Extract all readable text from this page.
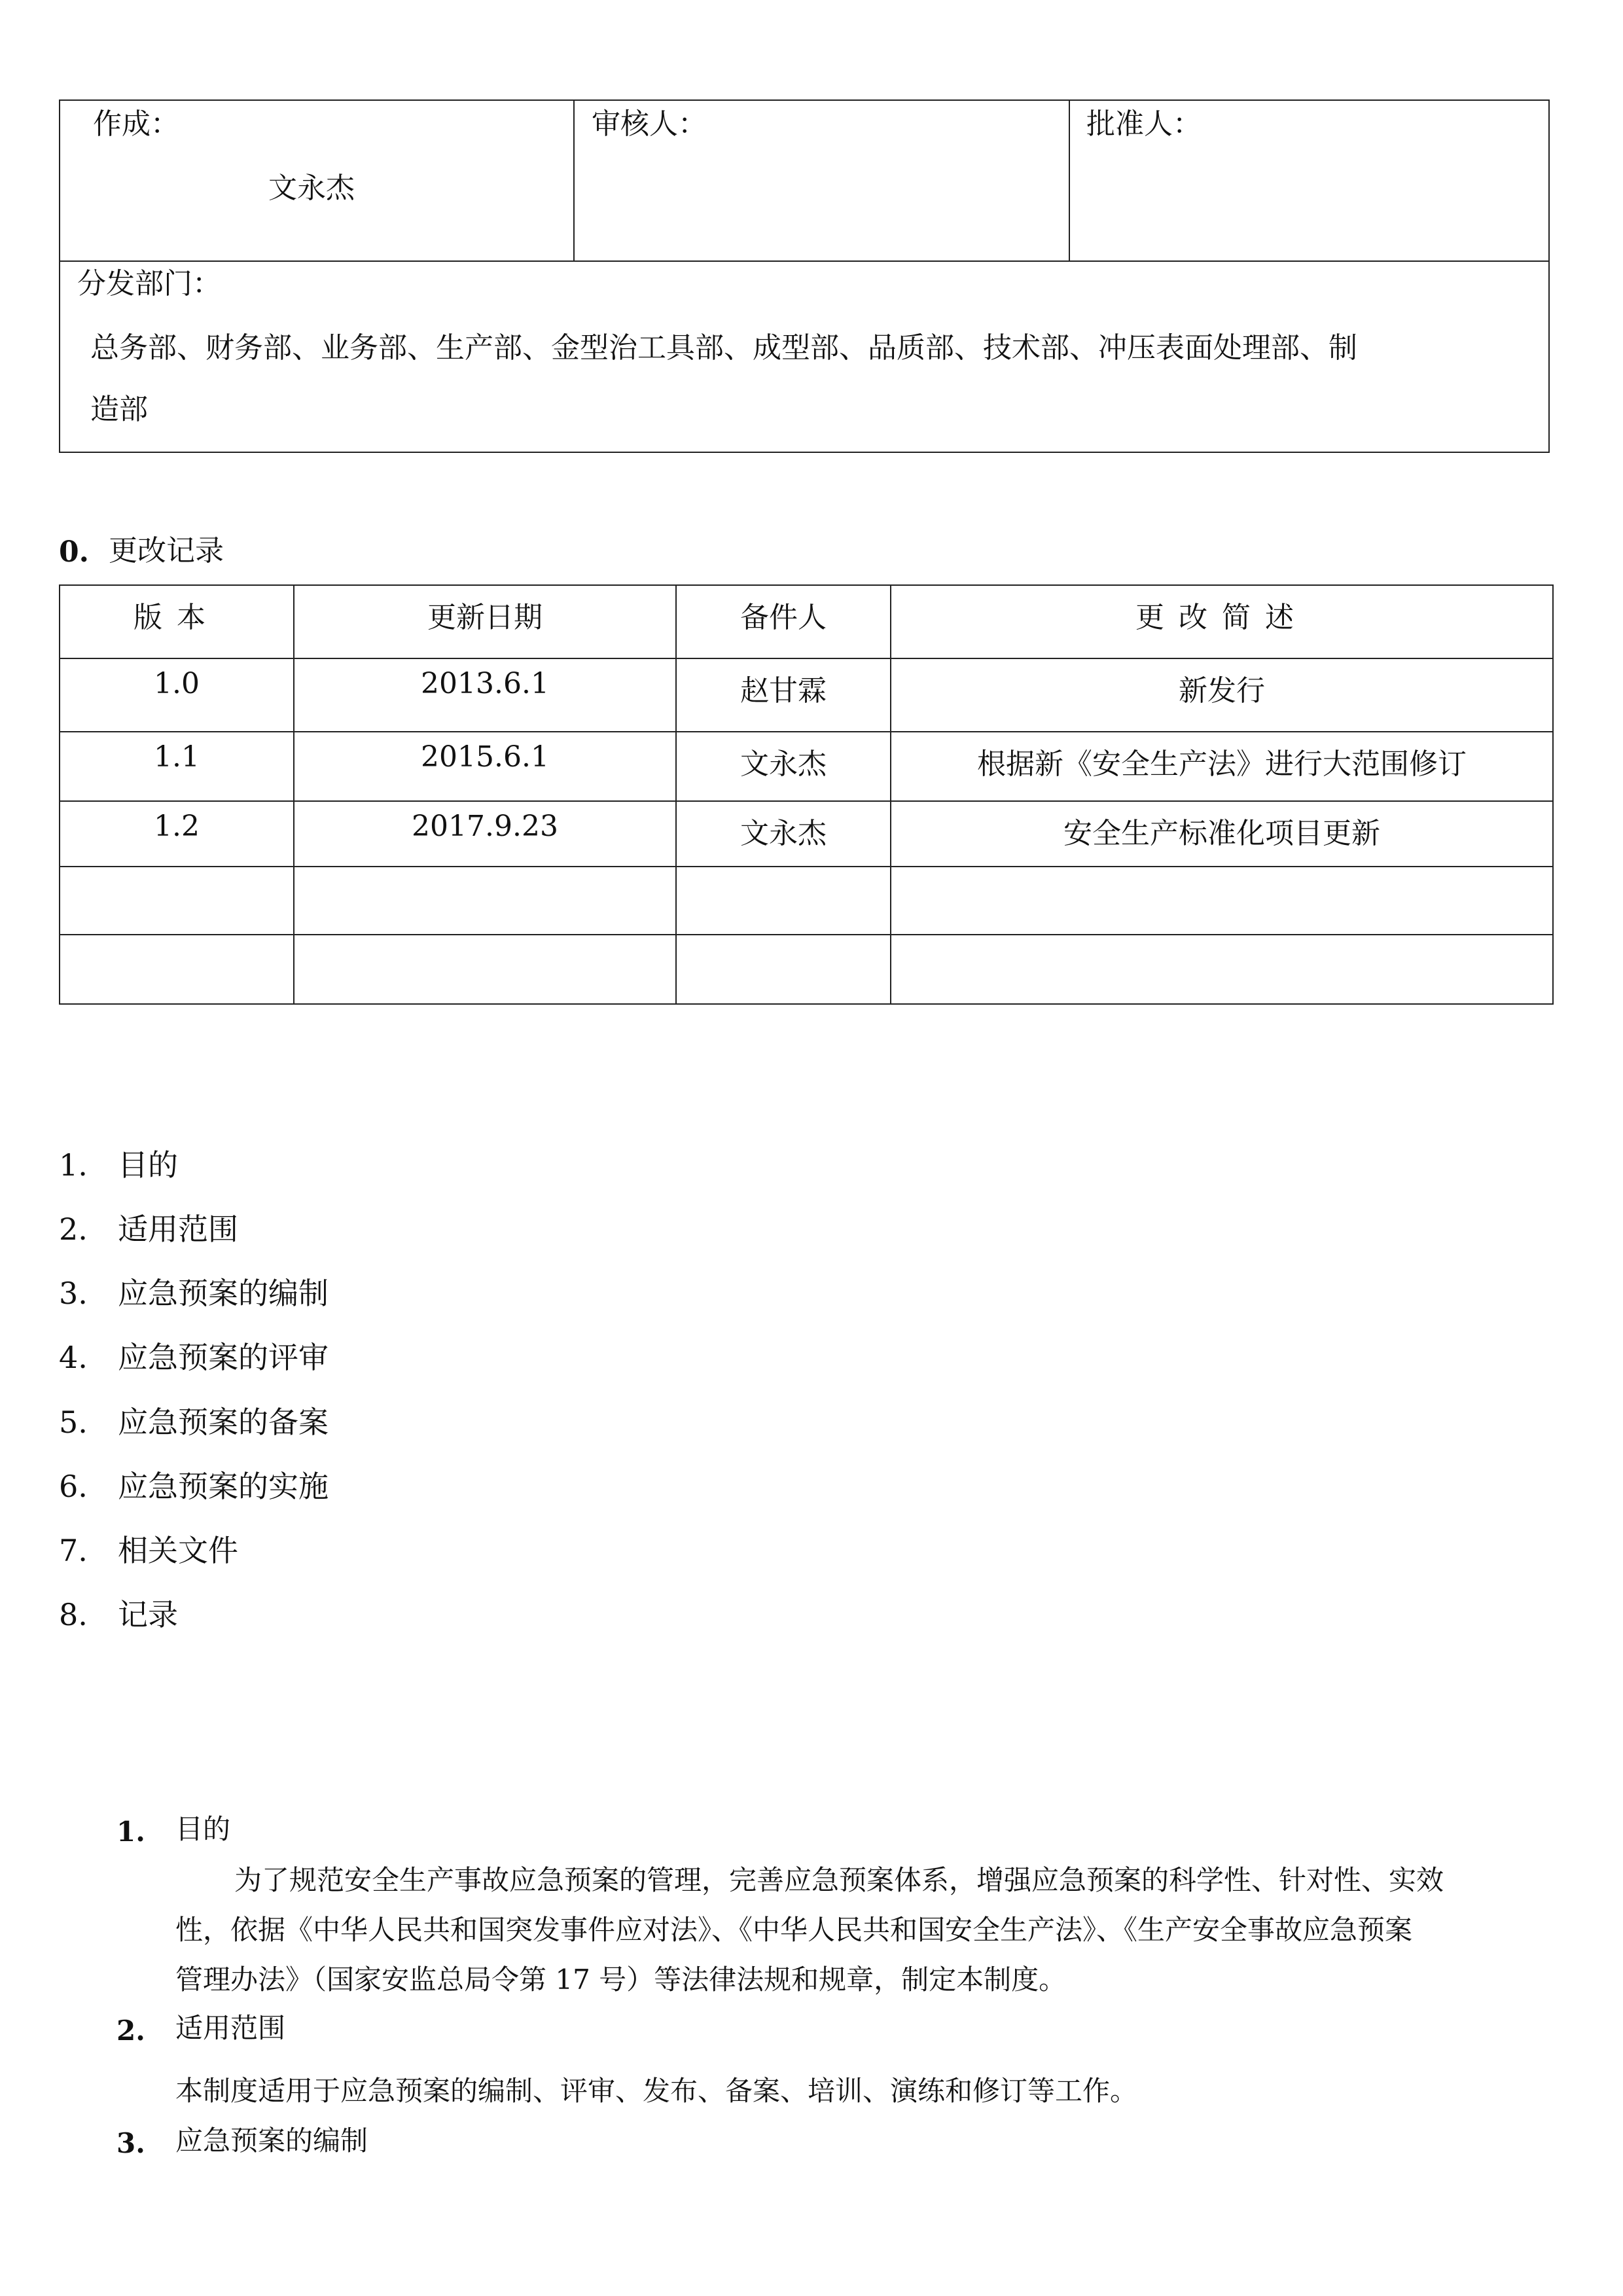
作成：
文永杰
审核人：	批准人：
分发部门：
总务部、财务部、业务部、生产部、金型治工具部、成型部、品质部、技术部、冲压表面处理部、制
造部
0. 更改记录
版本	更新日期	备件人	更改简述
1.0	2013.6.1	赵甘霖	新发行
1.1	2015.6.1	文永杰	根据新《安全生产法》进行大范围修订
1.2	2017.9.23	文永杰	安全生产标准化项目更新

1. 目的
2. 适用范围
3. 应急预案的编制
4. 应急预案的评审
5. 应急预案的备案
6. 应急预案的实施
7. 相关文件
8. 记录
1. 目的
为了规范安全生产事故应急预案的管理，完善应急预案体系，增强应急预案的科学性、针对性、实效
性，依据《中华人民共和国突发事件应对法》、《中华人民共和国安全生产法》、《生产安全事故应急预案
管理办法》（国家安监总局令第 17 号）等法律法规和规章，制定本制度。
2. 适用范围
本制度适用于应急预案的编制、评审、发布、备案、培训、演练和修订等工作。
3. 应急预案的编制
